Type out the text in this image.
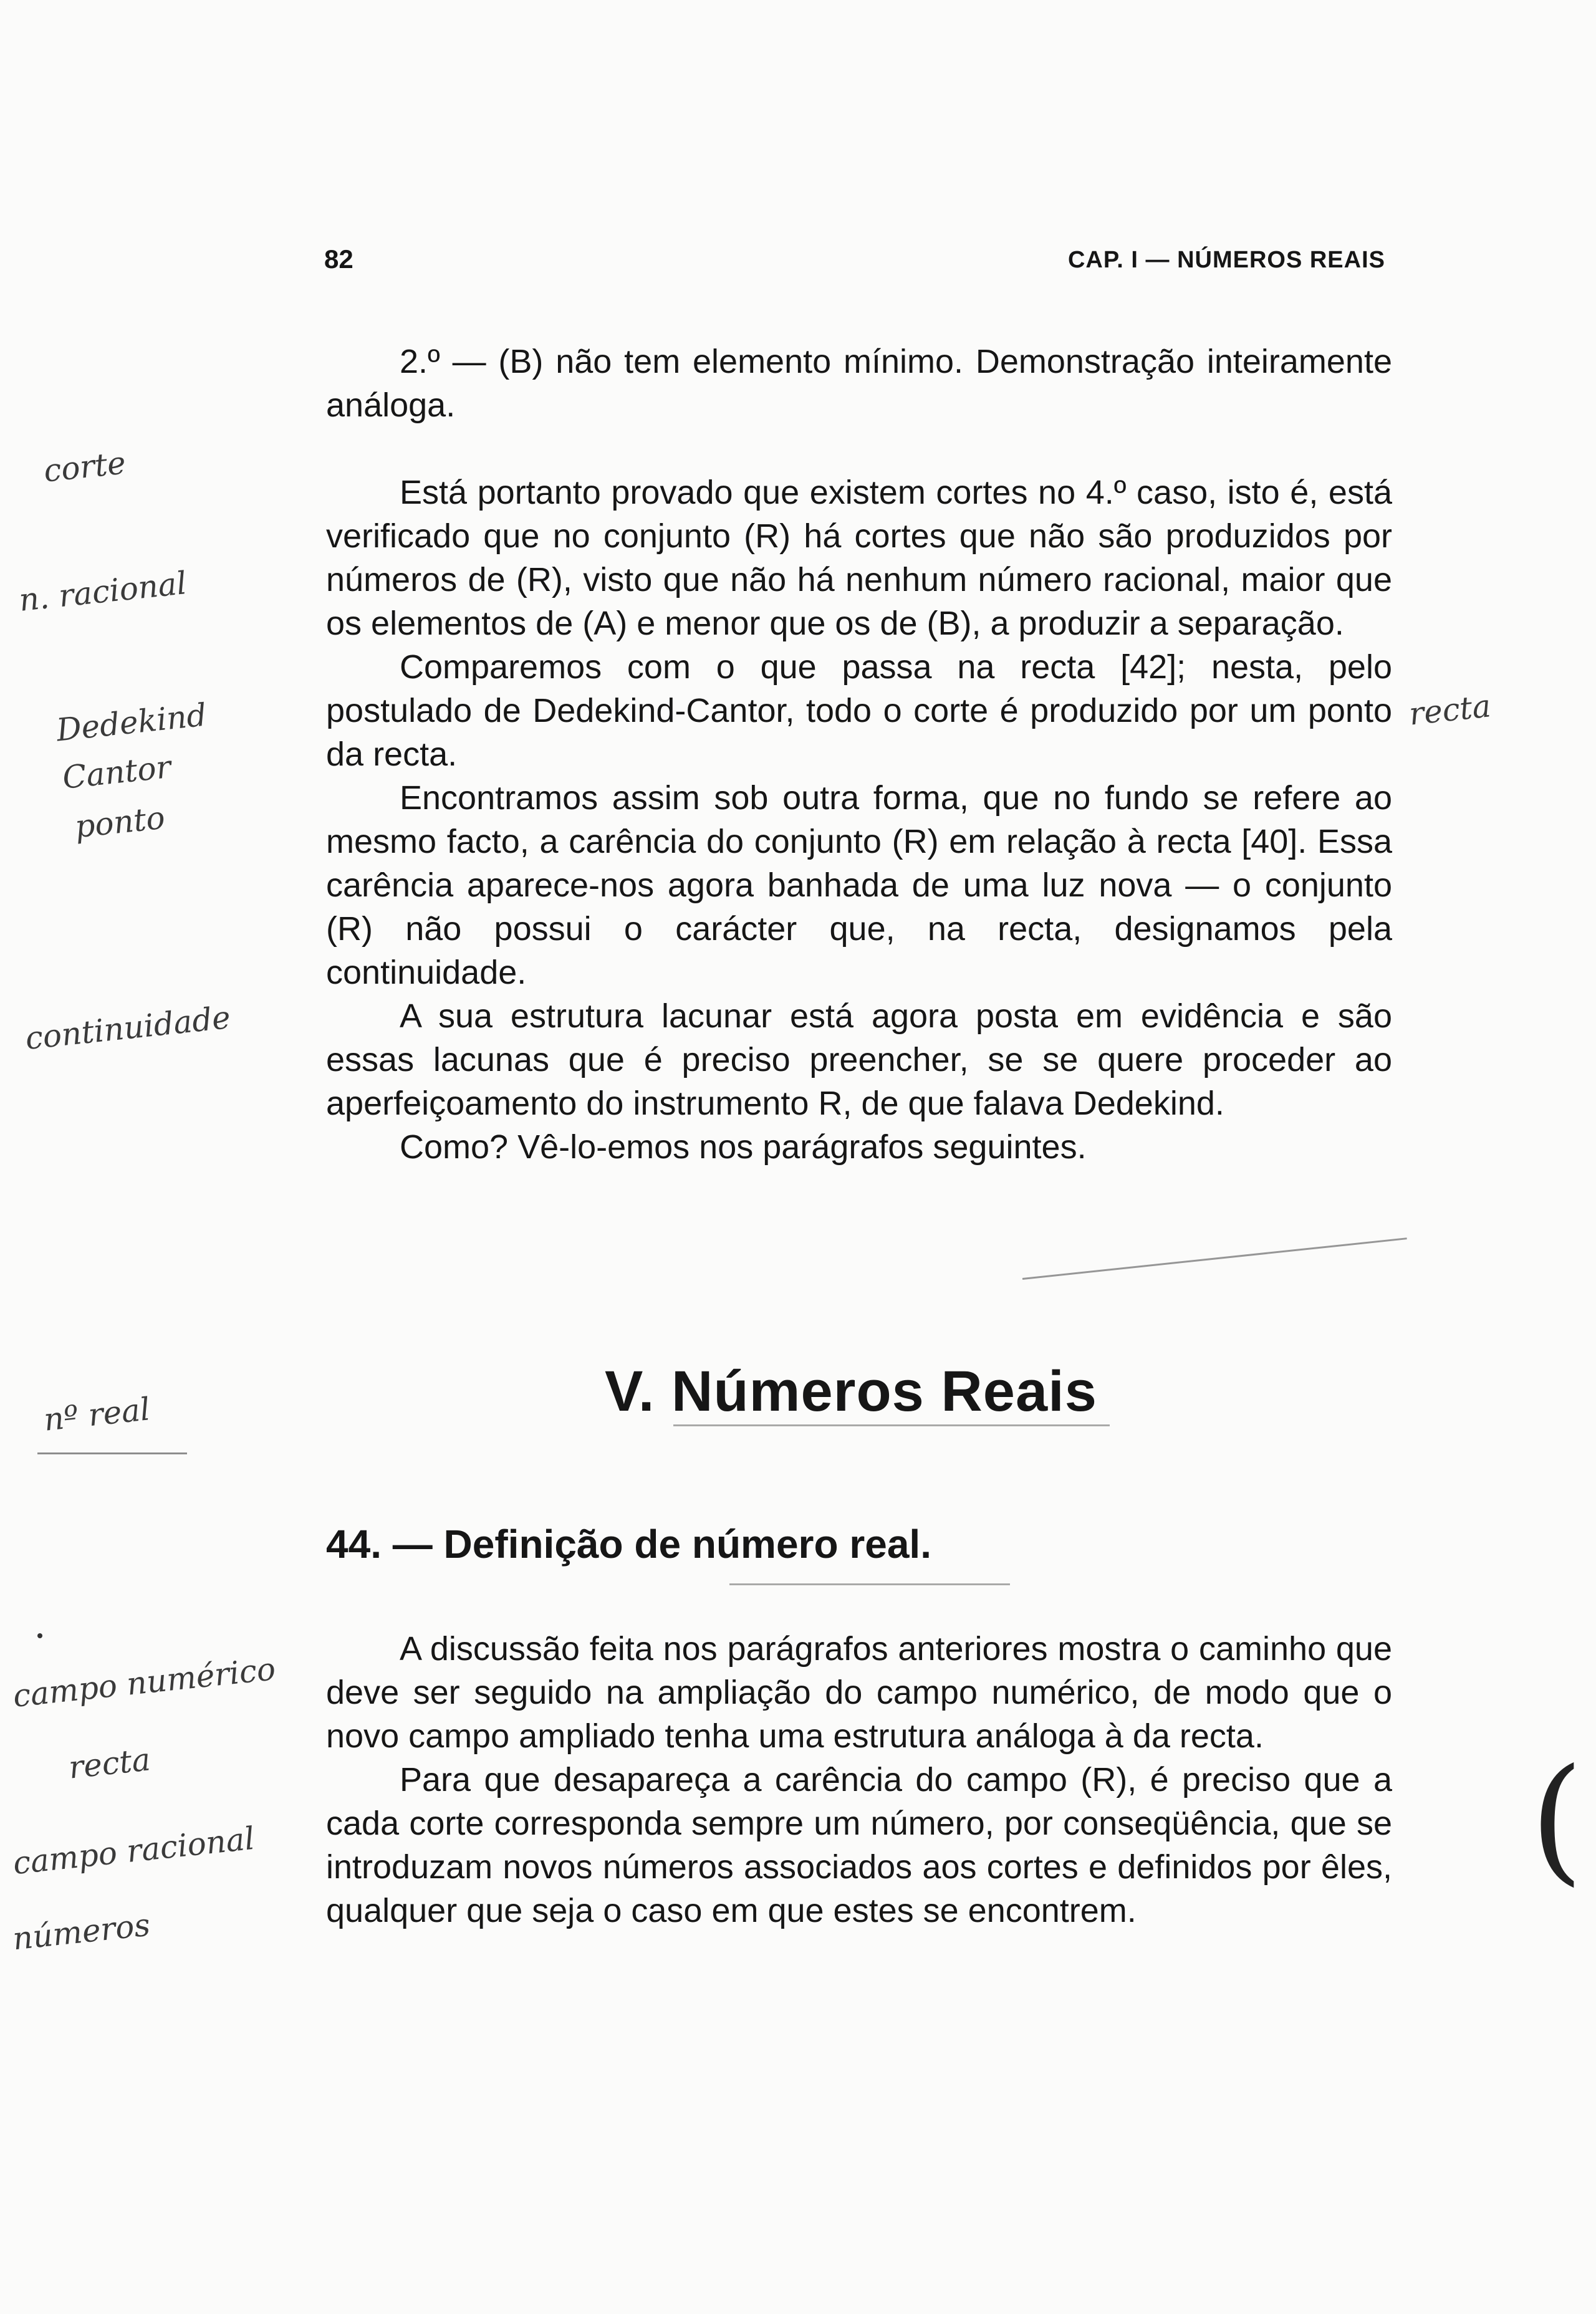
82	CAP. I — NÚMEROS REAIS

2.º — (B) não tem elemento mínimo. Demonstração inteiramente análoga.

Está portanto provado que existem cortes no 4.º caso, isto é, está verificado que no conjunto (R) há cortes que não são produzidos por números de (R), visto que não há nenhum número racional, maior que os elementos de (A) e menor que os de (B), a produzir a separação.

Comparemos com o que passa na recta [42]; nesta, pelo postulado de Dedekind-Cantor, todo o corte é produzido por um ponto da recta.

Encontramos assim sob outra forma, que no fundo se refere ao mesmo facto, a carência do conjunto (R) em relação à recta [40]. Essa carência aparece-nos agora banhada de uma luz nova — o conjunto (R) não possui o carácter que, na recta, designamos pela continuidade.

A sua estrutura lacunar está agora posta em evidência e são essas lacunas que é preciso preencher, se se quere proceder ao aperfeiçoamento do instrumento R, de que falava Dedekind.

Como? Vê-lo-emos nos parágrafos seguintes.

V. Números Reais
44. — Definição de número real.

A discussão feita nos parágrafos anteriores mostra o caminho que deve ser seguido na ampliação do campo numérico, de modo que o novo campo ampliado tenha uma estrutura análoga à da recta.

Para que desapareça a carência do campo (R), é preciso que a cada corte corresponda sempre um número, por conseqüência, que se introduzam novos números associados aos cortes e definidos por êles, qualquer que seja o caso em que estes se encontrem.

corte
n. racional
Dedekind
Cantor
ponto
recta
continuidade
nº real
campo numérico
recta
campo racional
números
(
